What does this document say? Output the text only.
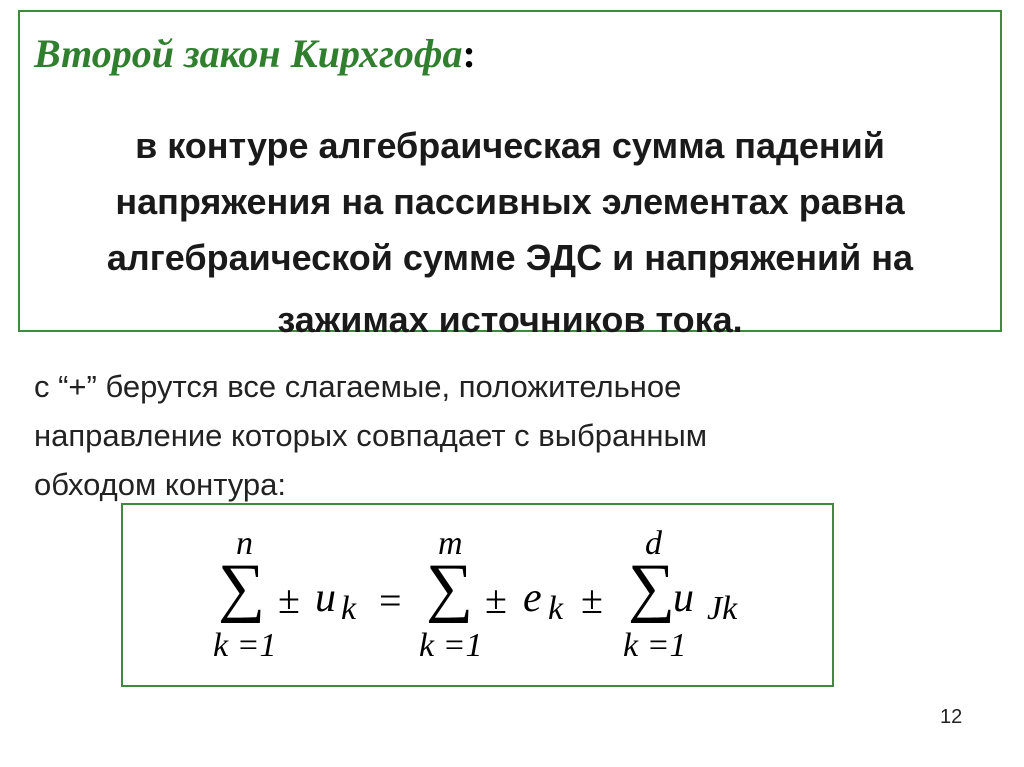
Второй закон Кирхгофа:
в контуре алгебраическая сумма падений
напряжения на пассивных элементах равна
алгебраической сумме ЭДС и напряжений на
зажимах источников тока.
с “+” берутся все слагаемые, положительное
направление которых совпадает с выбранным
обходом контура:
n
∑
k =1
± u k =
m
∑
k =1
± e k ±
d
∑
k =1
u Jk
12
